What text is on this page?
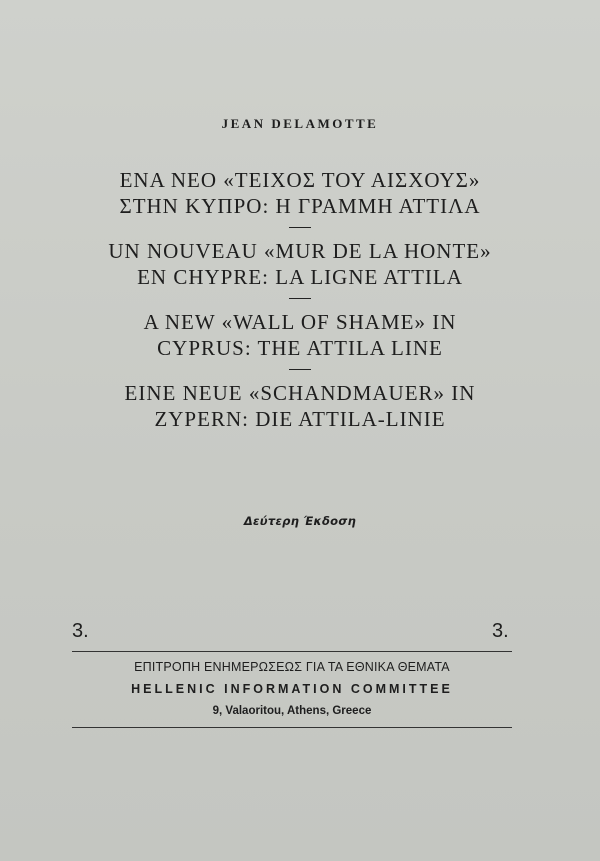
JEAN DELAMOTTE
ΕΝΑ ΝΕΟ «ΤΕΙΧΟΣ ΤΟΥ ΑΙΣΧΟΥΣ»
ΣΤΗΝ ΚΥΠΡΟ: Η ΓΡΑΜΜΗ ΑΤΤΙΛΑ
UN NOUVEAU «MUR DE LA HONTE»
EN CHYPRE: LA LIGNE ATTILA
A NEW «WALL OF SHAME» IN
CYPRUS: THE ATTILA LINE
EINE NEUE «SCHANDMAUER» IN
ZYPERN: DIE ATTILA-LINIE
Δεύτερη Έκδοση
3.	3.
ΕΠΙΤΡΟΠΗ ΕΝΗΜΕΡΩΣΕΩΣ ΓΙΑ ΤΑ ΕΘΝΙΚΑ ΘΕΜΑΤΑ
HELLENIC INFORMATION COMMITTEE
9, Valaoritou, Athens, Greece
